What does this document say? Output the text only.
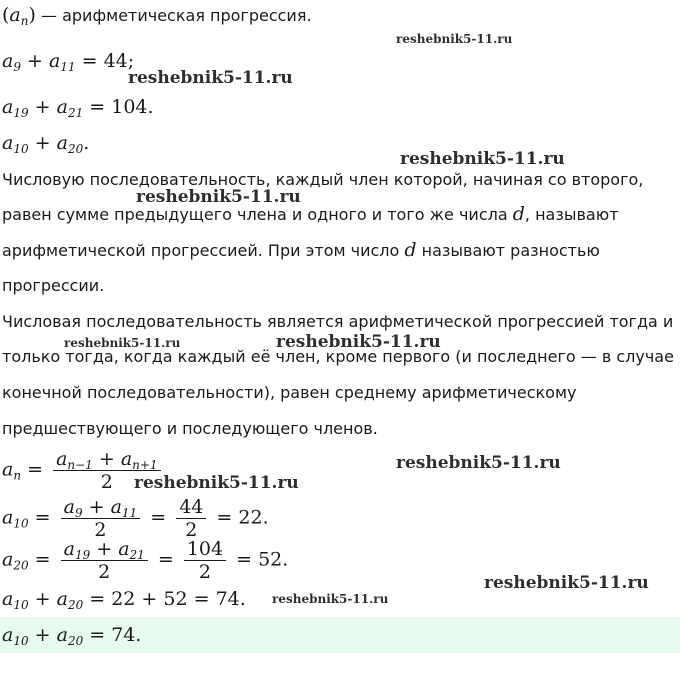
$(a_n)$ — арифметическая прогрессия.
$a_9 + a_{11} = 44$;
$a_{19} + a_{21} = 104$.
$a_{10} + a_{20}$.
Числовую последовательность, каждый член которой, начиная со второго,
равен сумме предыдущего члена и одного и того же числа d, называют
арифметической прогрессией. При этом число d называют разностью
прогрессии.
Числовая последовательность является арифметической прогрессией тогда и
только тогда, когда каждый её член, кроме первого (и последнего — в случае
конечной последовательности), равен среднему арифметическому
предшествующего и последующего членов.
$a_n = \frac{a_{n-1} + a_{n+1}}{2}$
$a_{10} = \frac{a_9 + a_{11}}{2} = \frac{44}{2} = 22$.
$a_{20} = \frac{a_{19} + a_{21}}{2} = \frac{104}{2} = 52$.
$a_{10} + a_{20} = 22 + 52 = 74$.
$a_{10} + a_{20} = 74$.
reshebnik5-11.ru
reshebnik5-11.ru
reshebnik5-11.ru
reshebnik5-11.ru
reshebnik5-11.ru	reshebnik5-11.ru
reshebnik5-11.ru
reshebnik5-11.ru
reshebnik5-11.ru
reshebnik5-11.ru
